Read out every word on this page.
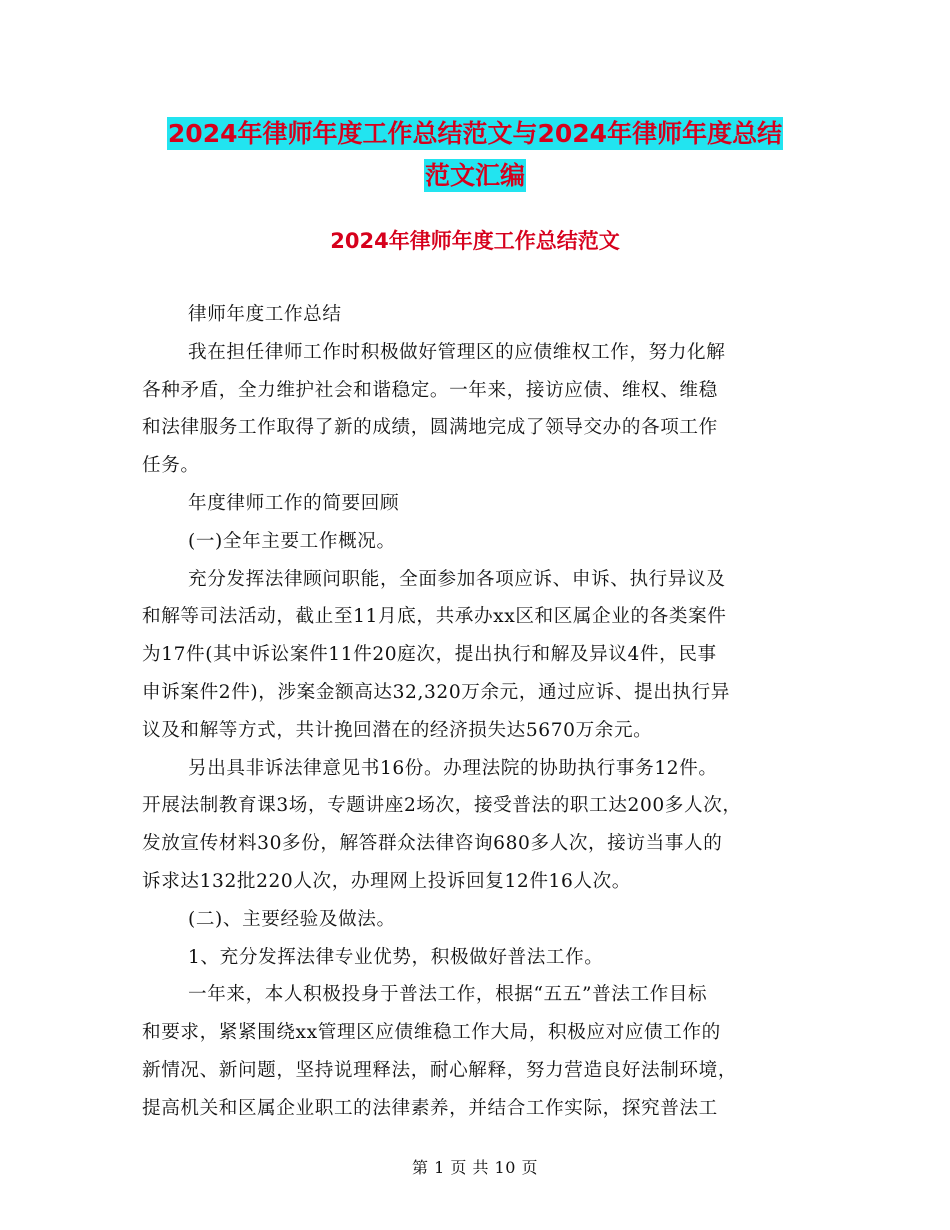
2024年律师年度工作总结范文与2024年律师年度总结
范文汇编
2024年律师年度工作总结范文

律师年度工作总结

我在担任律师工作时积极做好管理区的应债维权工作，努力化解
各种矛盾，全力维护社会和谐稳定。一年来，接访应债、维权、维稳
和法律服务工作取得了新的成绩，圆满地完成了领导交办的各项工作
任务。

年度律师工作的简要回顾

(一)全年主要工作概况。

充分发挥法律顾问职能，全面参加各项应诉、申诉、执行异议及
和解等司法活动，截止至11月底，共承办xx区和区属企业的各类案件
为17件(其中诉讼案件11件20庭次，提出执行和解及异议4件，民事
申诉案件2件)，涉案金额高达32,320万余元，通过应诉、提出执行异
议及和解等方式，共计挽回潜在的经济损失达5670万余元。

另出具非诉法律意见书16份。办理法院的协助执行事务12件。
开展法制教育课3场，专题讲座2场次，接受普法的职工达200多人次，
发放宣传材料30多份，解答群众法律咨询680多人次，接访当事人的
诉求达132批220人次，办理网上投诉回复12件16人次。

(二)、主要经验及做法。

1、充分发挥法律专业优势，积极做好普法工作。

一年来，本人积极投身于普法工作，根据“五五”普法工作目标
和要求，紧紧围绕xx管理区应债维稳工作大局，积极应对应债工作的
新情况、新问题，坚持说理释法，耐心解释，努力营造良好法制环境，
提高机关和区属企业职工的法律素养，并结合工作实际，探究普法工

第 1 页 共 10 页
